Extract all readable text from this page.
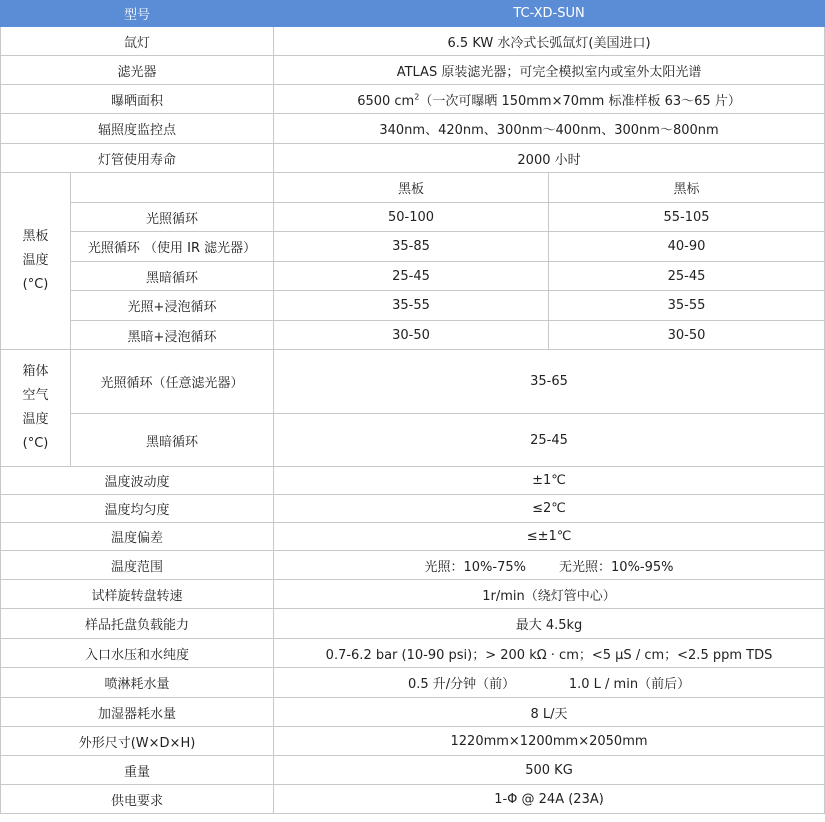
型号		TC-XD-SUN	
氙灯		6.5 KW 水冷式长弧氙灯(美国进口)	
滤光器		ATLAS 原装滤光器；可完全模拟室内或室外太阳光谱	
曝晒面积		6500 $cm^2$（一次可曝晒 150mm×70mm 标准样板 63～65 片）	
辐照度监控点		340nm、420nm、300nm～400nm、300nm～800nm	
灯管使用寿命		2000 小时	

黑板
温度
(°C)		黑板	黑标
	光照循环	50-100	55-105
	光照循环 （使用 IR 滤光器）	35-85	40-90
	黑暗循环	25-45	25-45
	光照+浸泡循环	35-55	35-55
	黑暗+浸泡循环	30-50	30-50

箱体
空气
温度
(°C)	光照循环（任意滤光器）	35-65	
	黑暗循环	25-45	
温度波动度		±1℃	
温度均匀度		≤2℃	
温度偏差		≤±1℃	
温度范围		光照：10%-75%        无光照：10%-95%	
试样旋转盘转速		1r/min（绕灯管中心）	
样品托盘负载能力		最大 4.5kg	
入口水压和水纯度		0.7-6.2 bar (10-90 psi)；> 200 kΩ · cm；<5 μS / cm；<2.5 ppm TDS	
喷淋耗水量		0.5 升/分钟（前）             1.0 L / min（前后）	
加湿器耗水量		8 L/天	
外形尺寸(W×D×H)		1220mm×1200mm×2050mm	
重量		500 KG	
供电要求		1-Φ @ 24A (23A)	
